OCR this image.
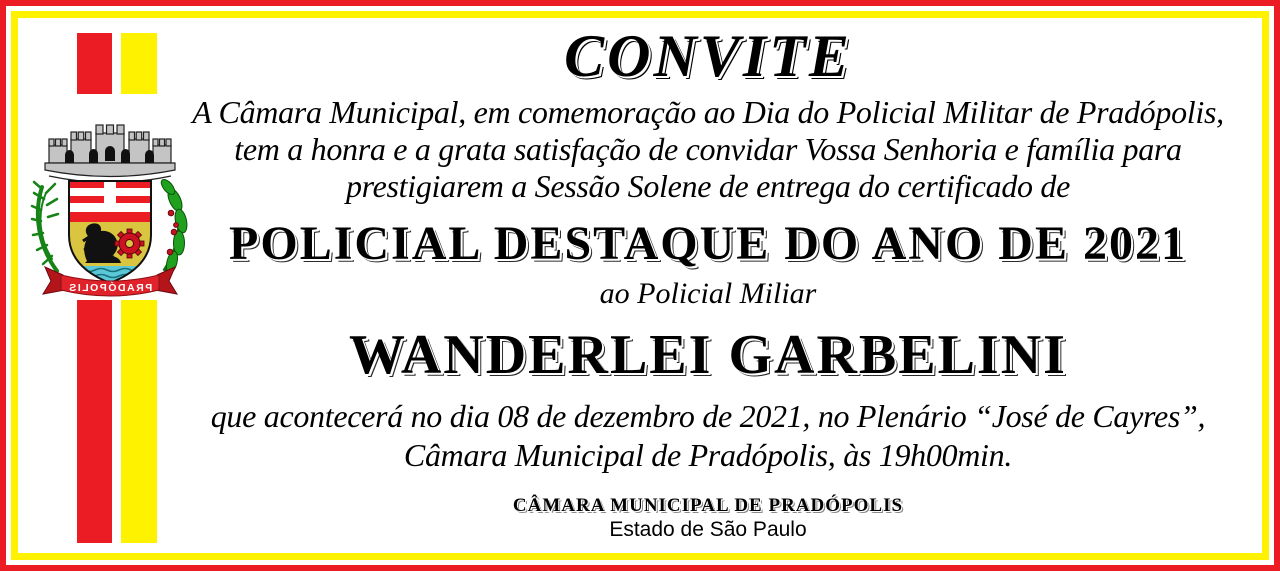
PRADÓPOLIS
CONVITE
A Câmara Municipal, em comemoração ao Dia do Policial Militar de Pradópolis,
tem a honra e a grata satisfação de convidar Vossa Senhoria e família para
prestigiarem a Sessão Solene de entrega do certificado de
POLICIAL DESTAQUE DO ANO DE 2021
ao Policial Miliar
WANDERLEI GARBELINI
que acontecerá no dia 08 de dezembro de 2021, no Plenário “José de Cayres”,
Câmara Municipal de Pradópolis, às 19h00min.
CÂMARA MUNICIPAL DE PRADÓPOLIS
Estado de São Paulo
